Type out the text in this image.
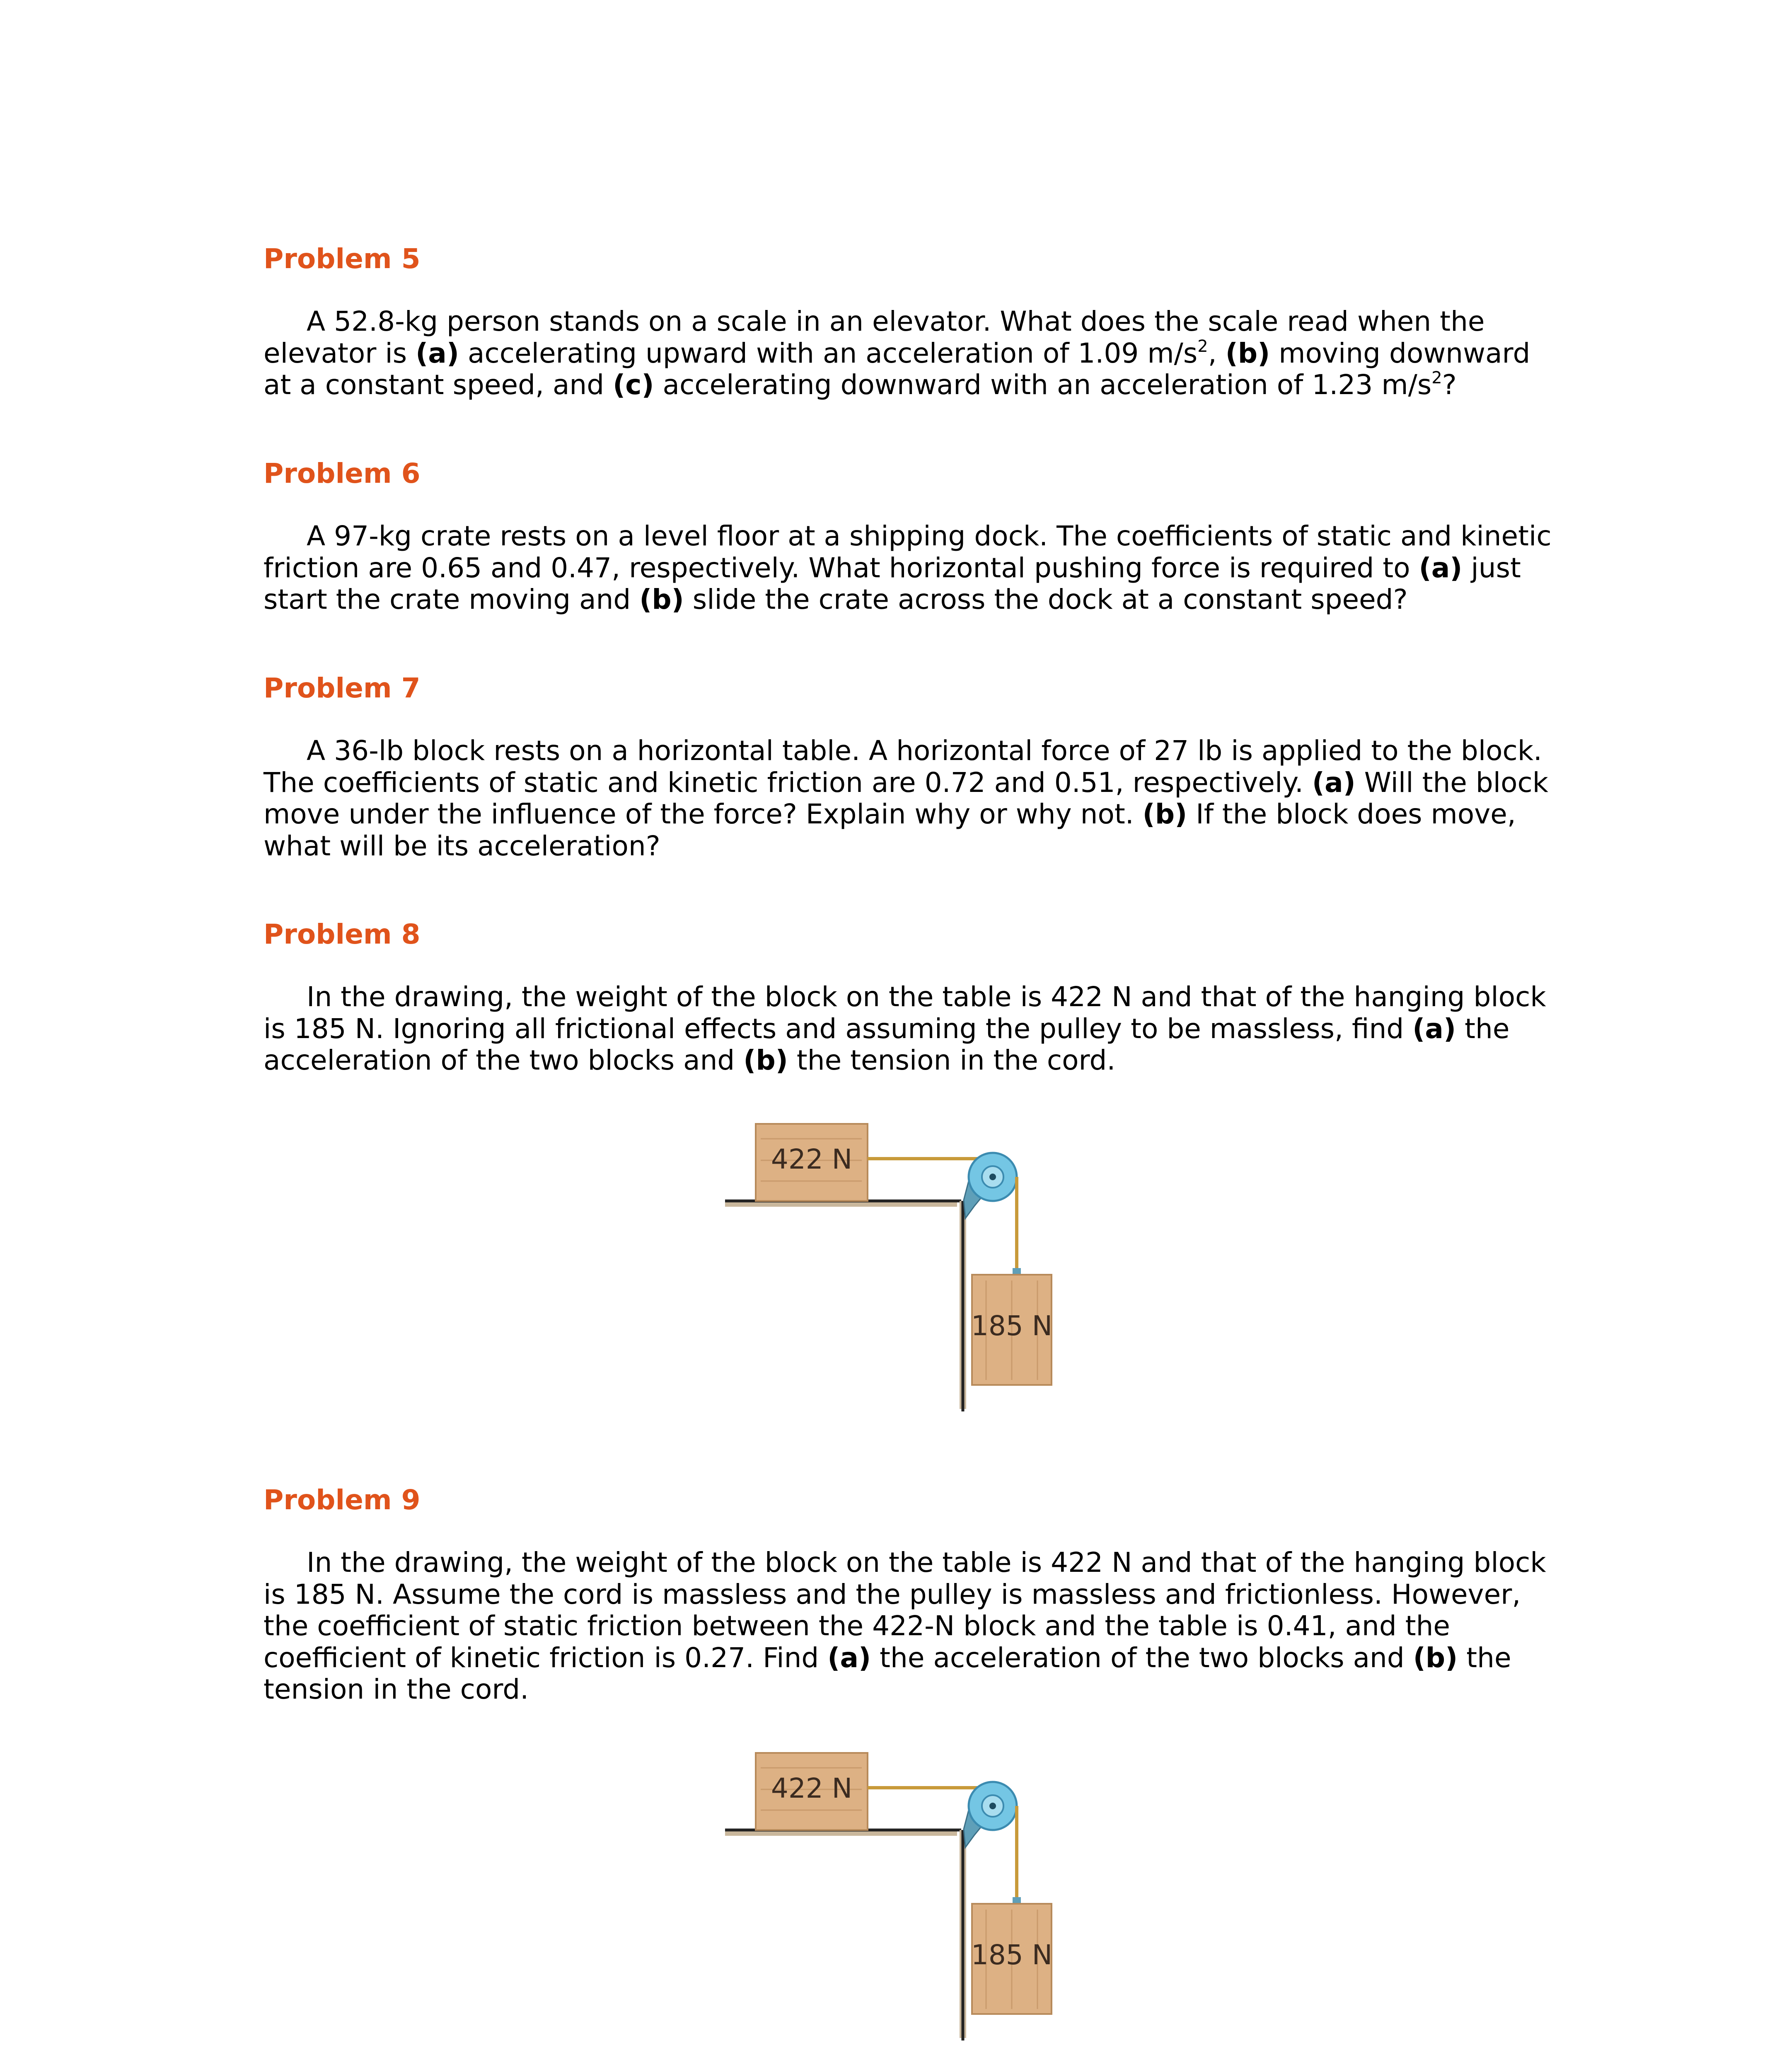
Problem 5
A 52.8-kg person stands on a scale in an elevator. What does the scale read when the
elevator is (a) accelerating upward with an acceleration of 1.09 $m/s^2$, (b) moving downward
at a constant speed, and (c) accelerating downward with an acceleration of 1.23 $m/s^2$?
Problem 6
A 97-kg crate rests on a level floor at a shipping dock. The coefficients of static and kinetic
friction are 0.65 and 0.47, respectively. What horizontal pushing force is required to (a) just
start the crate moving and (b) slide the crate across the dock at a constant speed?
Problem 7
A 36-lb block rests on a horizontal table. A horizontal force of 27 lb is applied to the block.
The coefficients of static and kinetic friction are 0.72 and 0.51, respectively. (a) Will the block
move under the influence of the force? Explain why or why not. (b) If the block does move,
what will be its acceleration?
Problem 8
In the drawing, the weight of the block on the table is 422 N and that of the hanging block
is 185 N. Ignoring all frictional effects and assuming the pulley to be massless, find (a) the
acceleration of the two blocks and (b) the tension in the cord.
422 N
185 N
Problem 9
In the drawing, the weight of the block on the table is 422 N and that of the hanging block
is 185 N. Assume the cord is massless and the pulley is massless and frictionless. However,
the coefficient of static friction between the 422-N block and the table is 0.41, and the
coefficient of kinetic friction is 0.27. Find (a) the acceleration of the two blocks and (b) the
tension in the cord.
422 N
185 N
